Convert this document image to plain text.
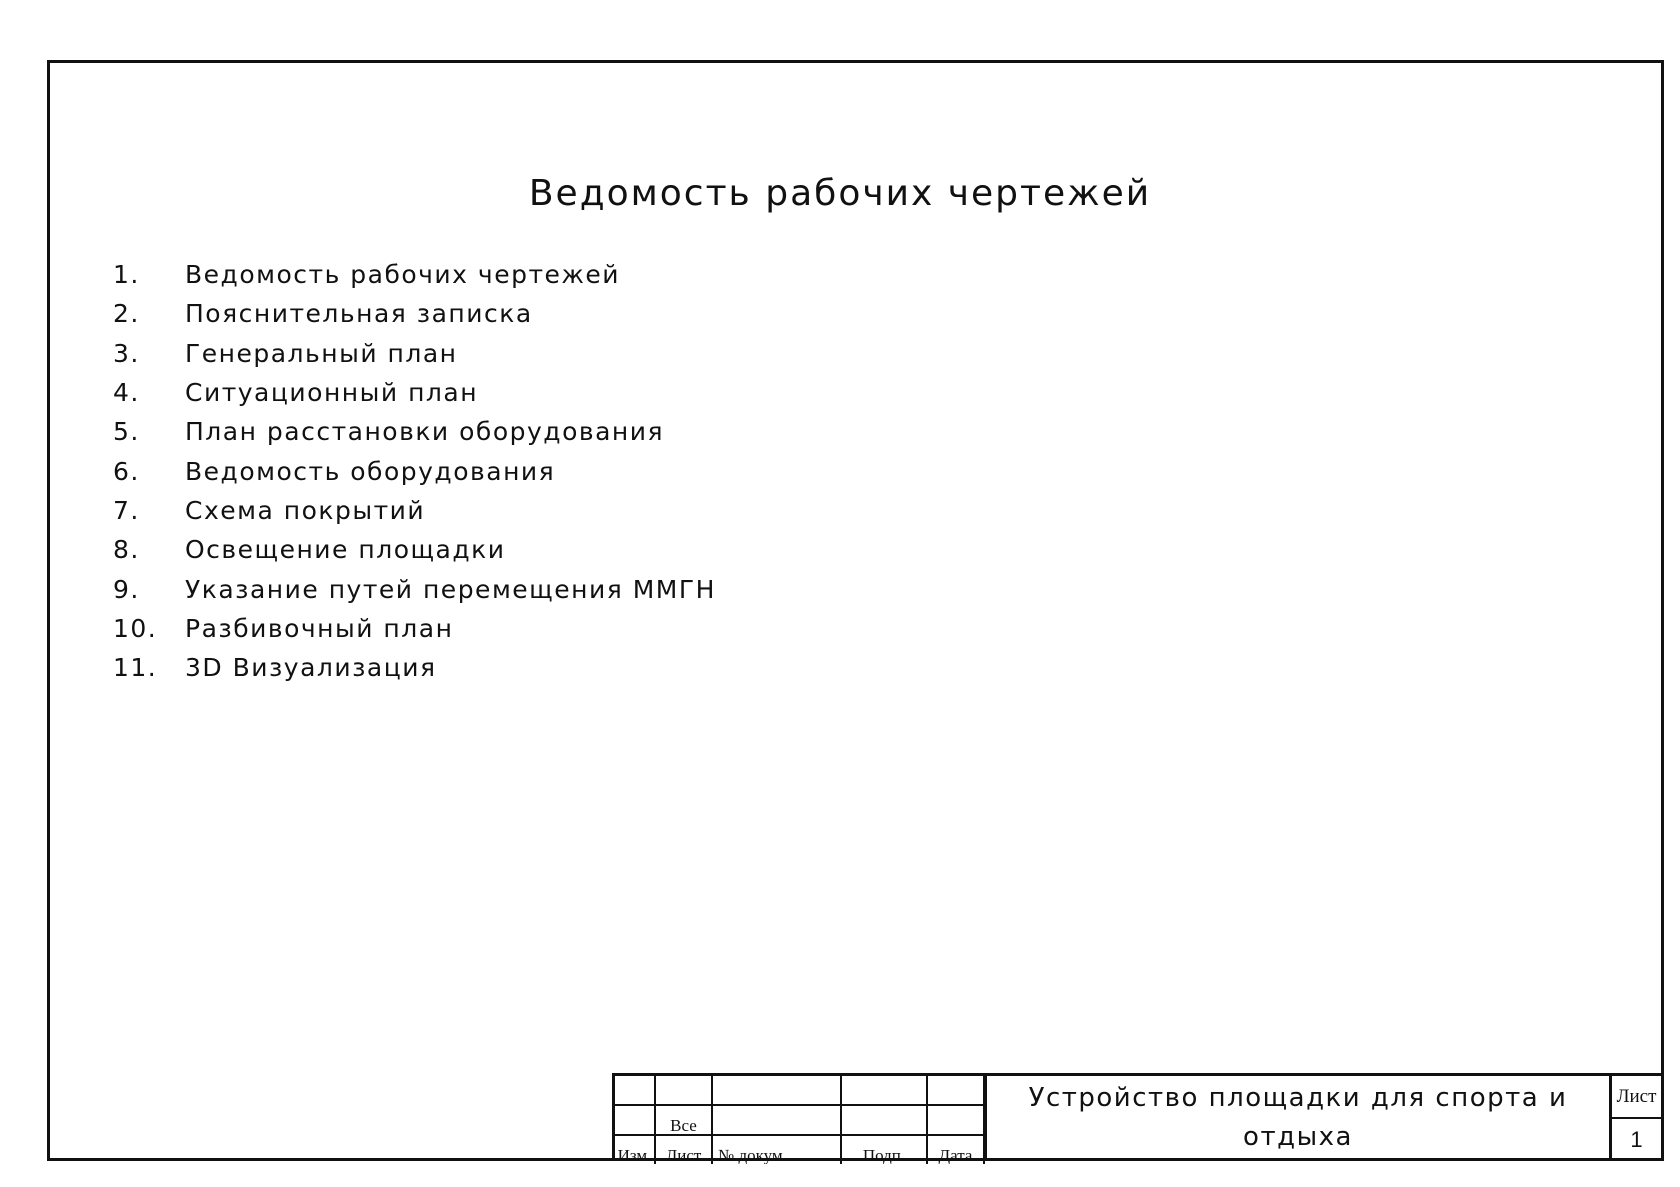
Ведомость рабочих чертежей
1.	Ведомость рабочих чертежей
2.	Пояснительная записка
3.	Генеральный план
4.	Ситуационный план
5.	План расстановки оборудования
6.	Ведомость оборудования
7.	Схема покрытий
8.	Освещение площадки
9.	Указание путей перемещения ММГН
10.	Разбивочный план
11.	3D Визуализация

	Все			
Изм.	Лист	№ докум.	Подп.	Дата
Устройство площадки для спорта и отдыха
Лист
1
